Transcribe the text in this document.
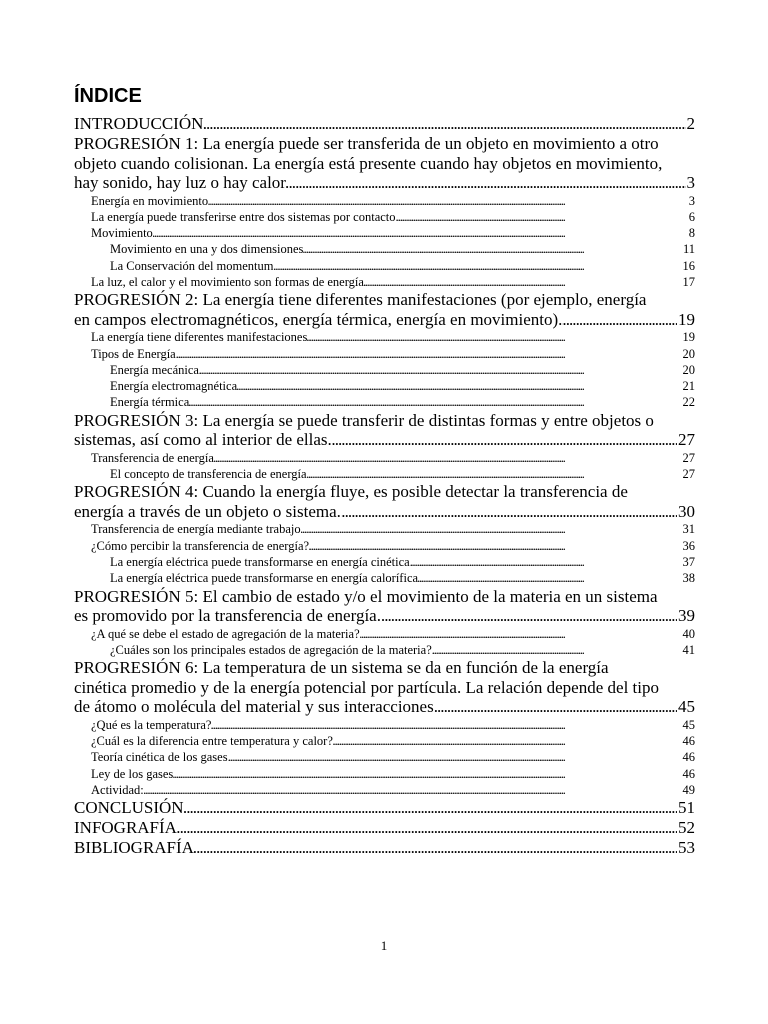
ÍNDICE
INTRODUCCIÓN	2
. . .
PROGRESIÓN 1: La energía puede ser transferida de un objeto en movimiento a otro objeto cuando colisionan. La energía está presente cuando hay objetos en movimiento, hay sonido, hay luz o hay calor.	3
. . .
Energía en movimiento	3
. . .
La energía puede transferirse entre dos sistemas por contacto	6
. . .
Movimiento	8
. . .
Movimiento en una y dos dimensiones	11
. . .
La Conservación del momentum	16
. . .
La luz, el calor y el movimiento son formas de energía	17
. . .
PROGRESIÓN 2: La energía tiene diferentes manifestaciones (por ejemplo, energía en campos electromagnéticos, energía térmica, energía en movimiento).	19
. . .
La energía tiene diferentes manifestaciones	19
. . .
Tipos de Energía	20
. . .
Energía mecánica	20
. . .
Energía electromagnética	21
. . .
Energía térmica	22
. . .
PROGRESIÓN 3: La energía se puede transferir de distintas formas y entre objetos o sistemas, así como al interior de ellas.	27
. . .
Transferencia de energía	27
. . .
El concepto de transferencia de energía	27
. . .
PROGRESIÓN 4: Cuando la energía fluye, es posible detectar la transferencia de energía a través de un objeto o sistema.	30
. . .
Transferencia de energía mediante trabajo	31
. . .
¿Cómo percibir la transferencia de energía?	36
. . .
La energía eléctrica puede transformarse en energía cinética	37
. . .
La energía eléctrica puede transformarse en energía calorífica	38
. . .
PROGRESIÓN 5: El cambio de estado y/o el movimiento de la materia en un sistema es promovido por la transferencia de energía.	39
. . .
¿A qué se debe el estado de agregación de la materia?	40
. . .
¿Cuáles son los principales estados de agregación de la materia?	41
. . .
PROGRESIÓN 6: La temperatura de un sistema se da en función de la energía cinética promedio y de la energía potencial por partícula. La relación depende del tipo de átomo o molécula del material y sus interacciones.	45
. . .
¿Qué es la temperatura?	45
. . .
¿Cuál es la diferencia entre temperatura y calor?	46
. . .
Teoría cinética de los gases	46
. . .
Ley de los gases	46
. . .
Actividad:	49
. . .
CONCLUSIÓN	51
. . .
INFOGRAFÍA	52
. . .
BIBLIOGRAFÍA	53
. . .
1
